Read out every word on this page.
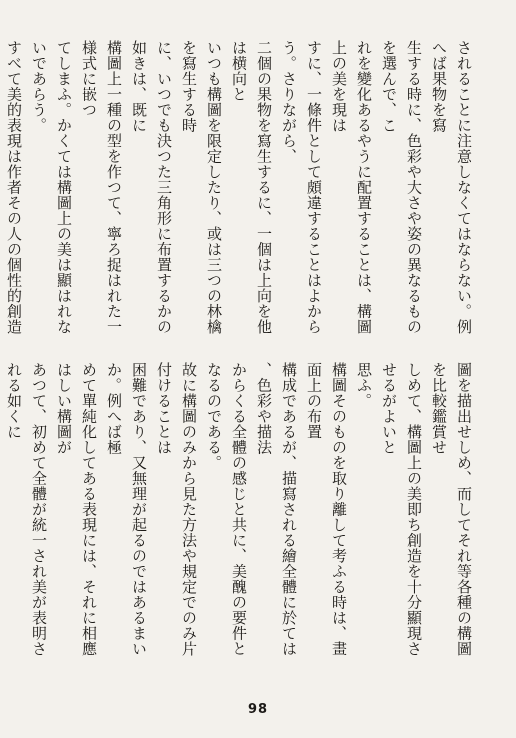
されることに注意しなくてはならない。例へば果物を寫
生する時に、色彩や大さや姿の異なるものを選んで、こ
れを變化あるやうに配置することは、構圖上の美を現は
すに、一條件として頗違することはよからう。さりながら、
二個の果物を寫生するに、一個は上向を他は横向と
いつも構圖を限定したり、或は三つの林檎を寫生する時
に、いつでも決つた三角形に布置するかの如きは、既に
構圖上一種の型を作つて、寧ろ捉はれた一様式に嵌つ
てしまふ。かくては構圖上の美は顯はれないであらう。
すべて美的表現は作者その人の個性的創造
圖を描出せしめ、而してそれ等各種の構圖を比較鑑賞せ
しめて、構圖上の美即ち創造を十分顯現させるがよいと
思ふ。
構圖そのものを取り離して考ふる時は、畫面上の布置
構成であるが、描寫される繪全體に於ては、色彩や描法
からくる全體の感じと共に、美醜の要件となるのである。
故に構圖のみから見た方法や規定でのみ片付けることは
困難であり、又無理が起るのではあるまいか。例へば極
めて單純化してある表現には、それに相應はしい構圖が
あつて、初めて全體が統一され美が表明される如くに
98
